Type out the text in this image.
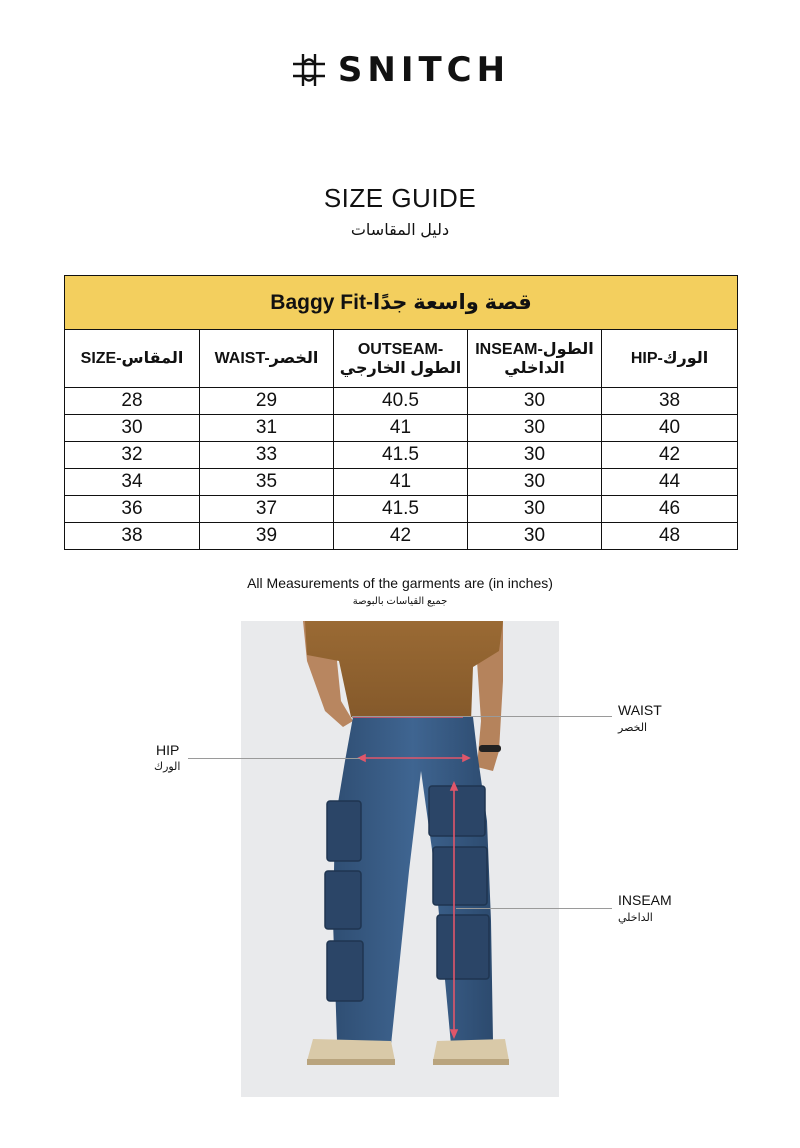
SNITCH
SIZE GUIDE
دليل المقاسات
Baggy Fit-قصة واسعة جدًا				
SIZE-المقاس	WAIST-الخصر	OUTSEAM-الطول الخارجي	INSEAM-الطول الداخلي	HIP-الورك
28	29	40.5	30	38
30	31	41	30	40
32	33	41.5	30	42
34	35	41	30	44
36	37	41.5	30	46
38	39	42	30	48
All Measurements of the garments are (in inches)
جميع القياسات بالبوصة
WAIST
الخصر
HIP
الورك
INSEAM
الداخلي
